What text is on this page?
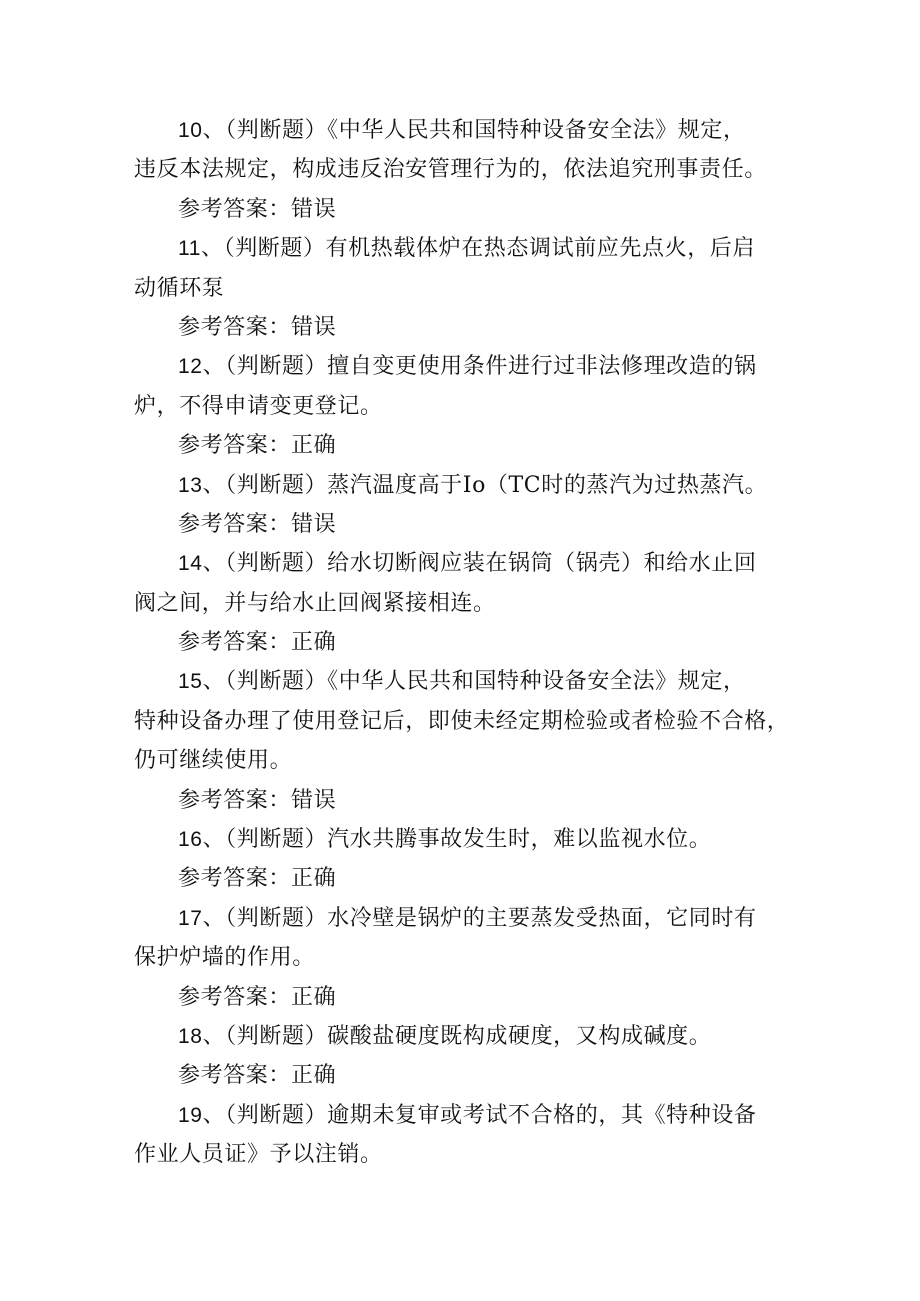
10、（判断题）《中华人民共和国特种设备安全法》规定，
违反本法规定，构成违反治安管理行为的，依法追究刑事责任。
参考答案：错误
11、（判断题）有机热载体炉在热态调试前应先点火，后启
动循环泵
参考答案：错误
12、（判断题）擅自变更使用条件进行过非法修理改造的锅
炉，不得申请变更登记。
参考答案：正确
13、（判断题）蒸汽温度高于Io（TC时的蒸汽为过热蒸汽。
参考答案：错误
14、（判断题）给水切断阀应装在锅筒（锅壳）和给水止回
阀之间，并与给水止回阀紧接相连。
参考答案：正确
15、（判断题）《中华人民共和国特种设备安全法》规定，
特种设备办理了使用登记后，即使未经定期检验或者检验不合格，
仍可继续使用。
参考答案：错误
16、（判断题）汽水共腾事故发生时，难以监视水位。
参考答案：正确
17、（判断题）水冷壁是锅炉的主要蒸发受热面，它同时有
保护炉墙的作用。
参考答案：正确
18、（判断题）碳酸盐硬度既构成硬度，又构成碱度。
参考答案：正确
19、（判断题）逾期未复审或考试不合格的，其《特种设备
作业人员证》予以注销。
